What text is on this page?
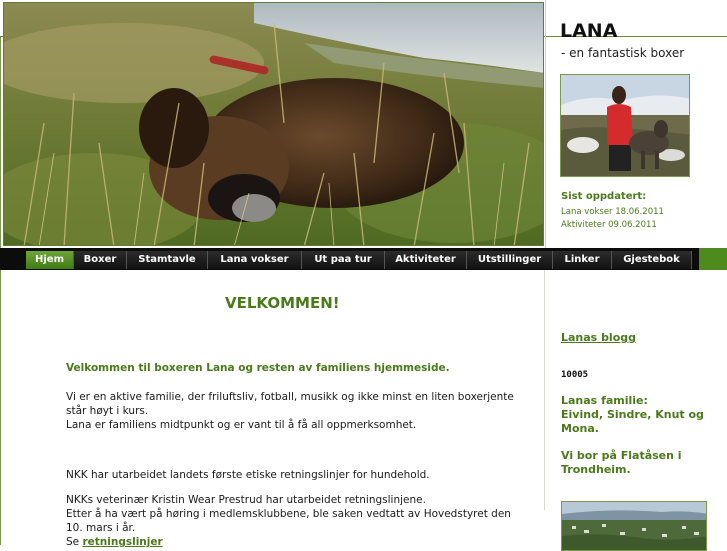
LANA

- en fantastisk boxer

Sist oppdatert:

Lana vokser 18.06.2011

Aktiviteter 09.06.2011

Hjem	Boxer	Stamtavle	Lana vokser	Ut paa tur	Aktiviteter	Utstillinger	Linker	Gjestebok
VELKOMMEN!

Velkommen til boxeren Lana og resten av familiens hjemmeside.

Vi er en aktive familie, der friluftsliv, fotball, musikk og ikke minst en liten boxerjente

står høyt i kurs.

Lana er familiens midtpunkt og er vant til å få all oppmerksomhet.

NKK har utarbeidet landets første etiske retningslinjer for hundehold.

NKKs veterinær Kristin Wear Prestrud har utarbeidet retningslinjene.

Etter å ha vært på høring i medlemsklubbene, ble saken vedtatt av Hovedstyret den

10. mars i år.

Se retningslinjer

Lanas blogg

10005

Lanas familie:
Eivind, Sindre, Knut og Mona.

Vi bor på Flatåsen i Trondheim.
